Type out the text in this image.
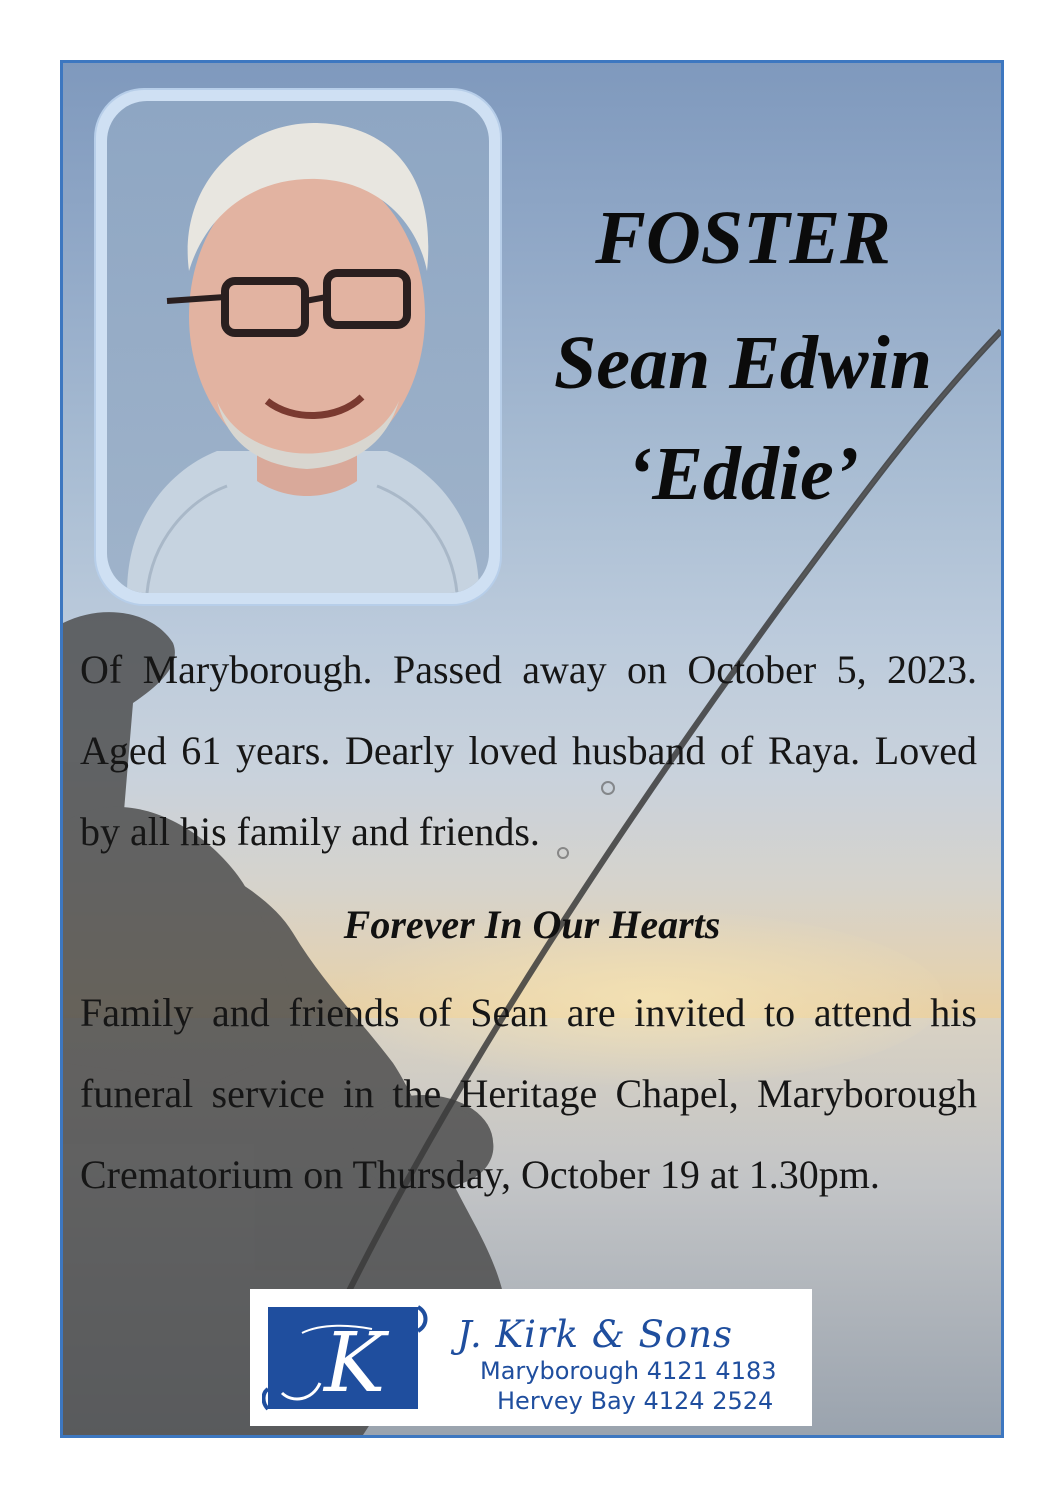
FOSTER
Sean Edwin
‘Eddie’

Of Maryborough. Passed away on October 5, 2023. Aged 61 years. Dearly loved husband of Raya. Loved by all his family and friends.

Forever In Our Hearts

Family and friends of Sean are invited to attend his funeral service in the Heritage Chapel, Maryborough Crematorium on Thursday, October 19 at 1.30pm.

K J. Kirk & Sons
Maryborough 4121 4183
Hervey Bay 4124 2524
